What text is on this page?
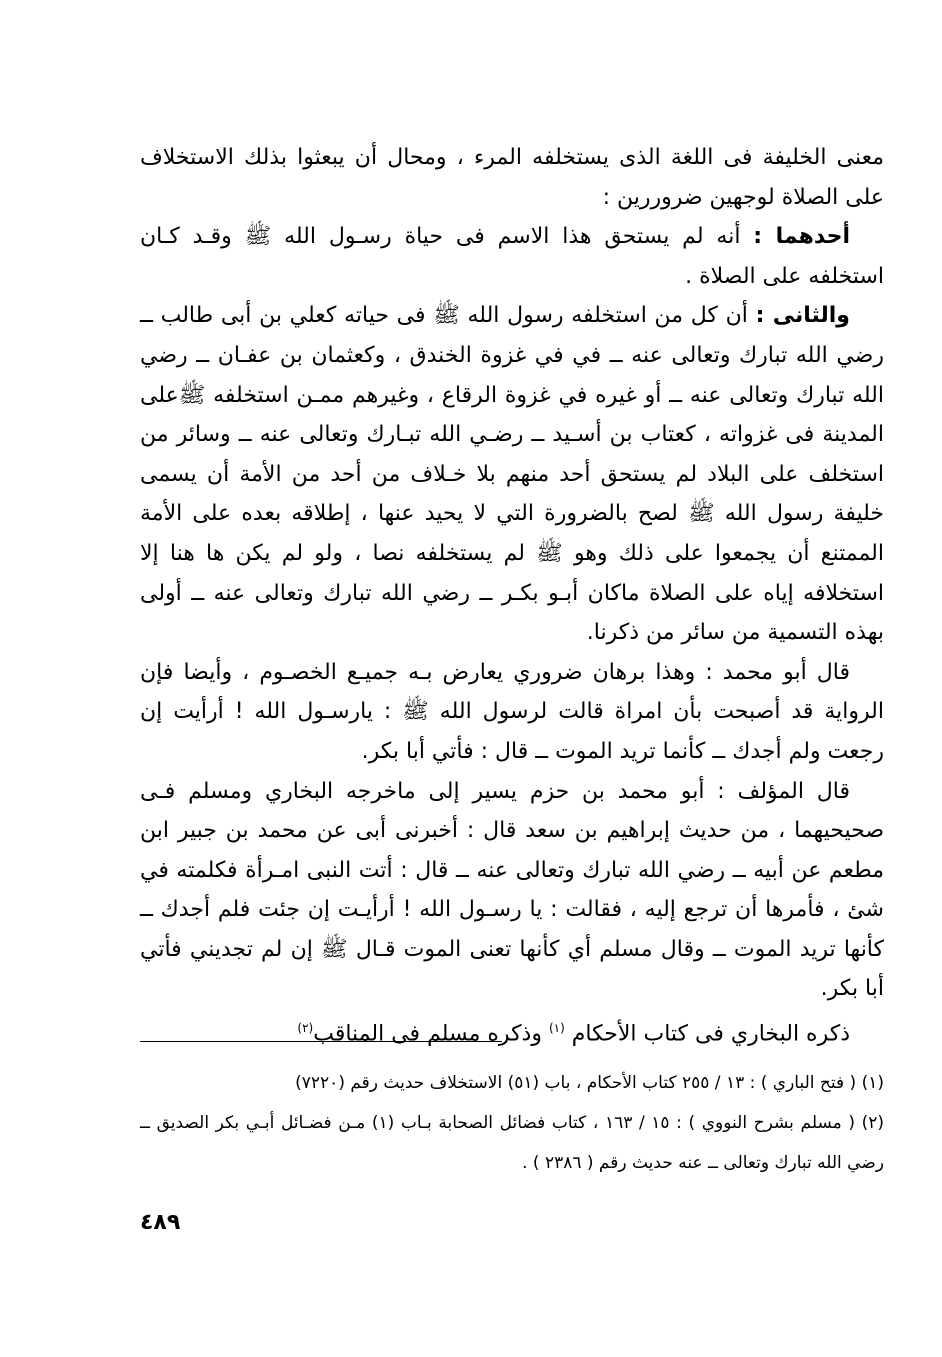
معنى الخليفة فى اللغة الذى يستخلفه المرء ، ومحال أن يبعثوا بذلك الاستخلاف على الصلاة لوجهين ضروررين :

أحدهما : أنه لم يستحق هذا الاسم فى حياة رسـول الله ﷺ وقـد كـان استخلفه على الصلاة .

والثانى : أن كل من استخلفه رسول الله ﷺ فى حياته كعلي بن أبى طالب ــ رضي الله تبارك وتعالى عنه ــ في في غزوة الخندق ، وكعثمان بن عفـان ــ رضي الله تبارك وتعالى عنه ــ أو غيره في غزوة الرقاع ، وغيرهم ممـن استخلفه ﷺعلى المدينة فى غزواته ، كعتاب بن أسـيد ــ رضـي الله تبـارك وتعالى عنه ــ وسائر من استخلف على البلاد لم يستحق أحد منهم بلا خـلاف من أحد من الأمة أن يسمى خليفة رسول الله ﷺ لصح بالضرورة التي لا يحيد عنها ، إطلاقه بعده على الأمة الممتنع أن يجمعوا على ذلك وهو ﷺ لم يستخلفه نصا ، ولو لم يكن ها هنا إلا استخلافه إياه على الصلاة ماكان أبـو بكـر ــ رضي الله تبارك وتعالى عنه ــ أولى بهذه التسمية من سائر من ذكرنا.

قال أبو محمد : وهذا برهان ضروري يعارض بـه جميـع الخصـوم ، وأيضا فإن الرواية قد أصبحت بأن امراة قالت لرسول الله ﷺ : يارسـول الله ! أرأيت إن رجعت ولم أجدك ــ كأنما تريد الموت ــ قال : فأتي أبا بكر.

قال المؤلف : أبو محمد بن حزم يسير إلى ماخرجه البخاري ومسلم فـى صحيحيهما ، من حديث إبراهيم بن سعد قال : أخبرنى أبى عن محمد بن جبير ابن مطعم عن أبيه ــ رضي الله تبارك وتعالى عنه ــ قال : أتت النبى امـرأة فكلمته في شئ ، فأمرها أن ترجع إليه ، فقالت : يا رسـول الله ! أرأيـت إن جئت فلم أجدك ــ كأنها تريد الموت ــ وقال مسلم أي كأنها تعنى الموت قـال ﷺ إن لم تجديني فأتي أبا بكر.

ذكره البخاري فى كتاب الأحكام $^{(١)}$ وذكره مسلم فى المناقب$^{(٢)}$

(١) ( فتح الباري ) : ١٣ / ٢٥٥ كتاب الأحكام ، باب (٥١) الاستخلاف حديث رقم (٧٢٢٠)

(٢) ( مسلم بشرح النووي ) : ١٥ / ١٦٣ ، كتاب فضائل الصحابة بـاب (١) مـن فضـائل أبـي بكر الصديق ــ رضي الله تبارك وتعالى ــ عنه حديث رقم ( ٢٣٨٦ ) .

٤٨٩
